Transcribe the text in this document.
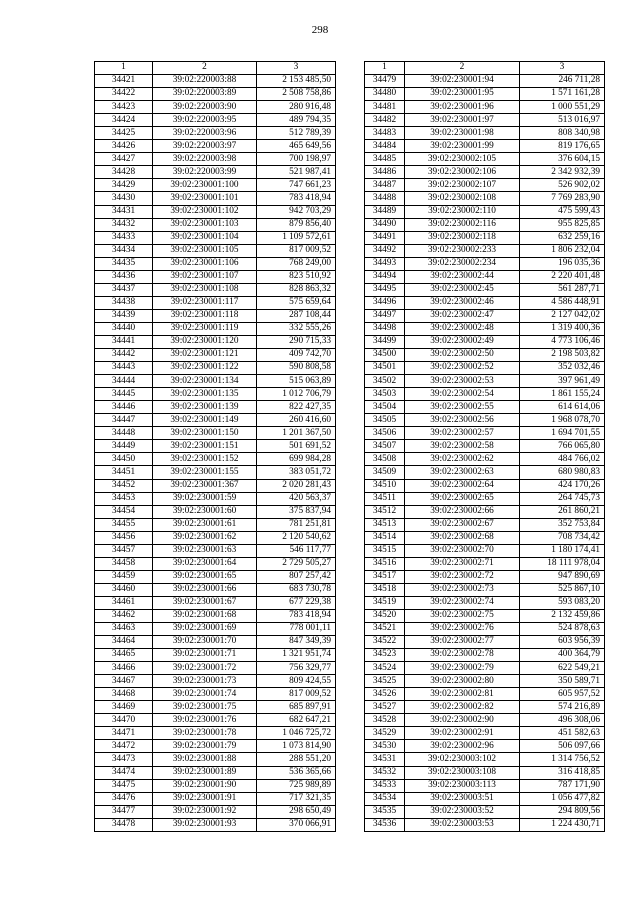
298
1	2	3
34421	39:02:220003:88	2 153 485,50
34422	39:02:220003:89	2 508 758,86
34423	39:02:220003:90	280 916,48
34424	39:02:220003:95	489 794,35
34425	39:02:220003:96	512 789,39
34426	39:02:220003:97	465 649,56
34427	39:02:220003:98	700 198,97
34428	39:02:220003:99	521 987,41
34429	39:02:230001:100	747 661,23
34430	39:02:230001:101	783 418,94
34431	39:02:230001:102	942 703,29
34432	39:02:230001:103	879 856,40
34433	39:02:230001:104	1 109 572,61
34434	39:02:230001:105	817 009,52
34435	39:02:230001:106	768 249,00
34436	39:02:230001:107	823 510,92
34437	39:02:230001:108	828 863,32
34438	39:02:230001:117	575 659,64
34439	39:02:230001:118	287 108,44
34440	39:02:230001:119	332 555,26
34441	39:02:230001:120	290 715,33
34442	39:02:230001:121	409 742,70
34443	39:02:230001:122	590 808,58
34444	39:02:230001:134	515 063,89
34445	39:02:230001:135	1 012 706,79
34446	39:02:230001:139	822 427,35
34447	39:02:230001:149	260 416,60
34448	39:02:230001:150	1 201 367,50
34449	39:02:230001:151	501 691,52
34450	39:02:230001:152	699 984,28
34451	39:02:230001:155	383 051,72
34452	39:02:230001:367	2 020 281,43
34453	39:02:230001:59	420 563,37
34454	39:02:230001:60	375 837,94
34455	39:02:230001:61	781 251,81
34456	39:02:230001:62	2 120 540,62
34457	39:02:230001:63	546 117,77
34458	39:02:230001:64	2 729 505,27
34459	39:02:230001:65	807 257,42
34460	39:02:230001:66	683 730,78
34461	39:02:230001:67	677 229,38
34462	39:02:230001:68	783 418,94
34463	39:02:230001:69	778 001,11
34464	39:02:230001:70	847 349,39
34465	39:02:230001:71	1 321 951,74
34466	39:02:230001:72	756 329,77
34467	39:02:230001:73	809 424,55
34468	39:02:230001:74	817 009,52
34469	39:02:230001:75	685 897,91
34470	39:02:230001:76	682 647,21
34471	39:02:230001:78	1 046 725,72
34472	39:02:230001:79	1 073 814,90
34473	39:02:230001:88	288 551,20
34474	39:02:230001:89	536 365,66
34475	39:02:230001:90	725 989,89
34476	39:02:230001:91	717 321,35
34477	39:02:230001:92	298 650,49
34478	39:02:230001:93	370 066,91
1	2	3
34479	39:02:230001:94	246 711,28
34480	39:02:230001:95	1 571 161,28
34481	39:02:230001:96	1 000 551,29
34482	39:02:230001:97	513 016,97
34483	39:02:230001:98	808 340,98
34484	39:02:230001:99	819 176,65
34485	39:02:230002:105	376 604,15
34486	39:02:230002:106	2 342 932,39
34487	39:02:230002:107	526 902,02
34488	39:02:230002:108	7 769 283,90
34489	39:02:230002:110	475 599,43
34490	39:02:230002:116	955 825,85
34491	39:02:230002:118	632 259,16
34492	39:02:230002:233	1 806 232,04
34493	39:02:230002:234	196 035,36
34494	39:02:230002:44	2 220 401,48
34495	39:02:230002:45	561 287,71
34496	39:02:230002:46	4 586 448,91
34497	39:02:230002:47	2 127 042,02
34498	39:02:230002:48	1 319 400,36
34499	39:02:230002:49	4 773 106,46
34500	39:02:230002:50	2 198 503,82
34501	39:02:230002:52	352 032,46
34502	39:02:230002:53	397 961,49
34503	39:02:230002:54	1 861 155,24
34504	39:02:230002:55	614 614,06
34505	39:02:230002:56	1 968 078,70
34506	39:02:230002:57	1 694 701,55
34507	39:02:230002:58	766 065,80
34508	39:02:230002:62	484 766,02
34509	39:02:230002:63	680 980,83
34510	39:02:230002:64	424 170,26
34511	39:02:230002:65	264 745,73
34512	39:02:230002:66	261 860,21
34513	39:02:230002:67	352 753,84
34514	39:02:230002:68	708 734,42
34515	39:02:230002:70	1 180 174,41
34516	39:02:230002:71	18 111 978,04
34517	39:02:230002:72	947 890,69
34518	39:02:230002:73	525 867,10
34519	39:02:230002:74	593 083,20
34520	39:02:230002:75	2 132 459,86
34521	39:02:230002:76	524 878,63
34522	39:02:230002:77	603 956,39
34523	39:02:230002:78	400 364,79
34524	39:02:230002:79	622 549,21
34525	39:02:230002:80	350 589,71
34526	39:02:230002:81	605 957,52
34527	39:02:230002:82	574 216,89
34528	39:02:230002:90	496 308,06
34529	39:02:230002:91	451 582,63
34530	39:02:230002:96	506 097,66
34531	39:02:230003:102	1 314 756,52
34532	39:02:230003:108	316 418,85
34533	39:02:230003:113	787 171,90
34534	39:02:230003:51	1 056 477,82
34535	39:02:230003:52	294 809,56
34536	39:02:230003:53	1 224 430,71
